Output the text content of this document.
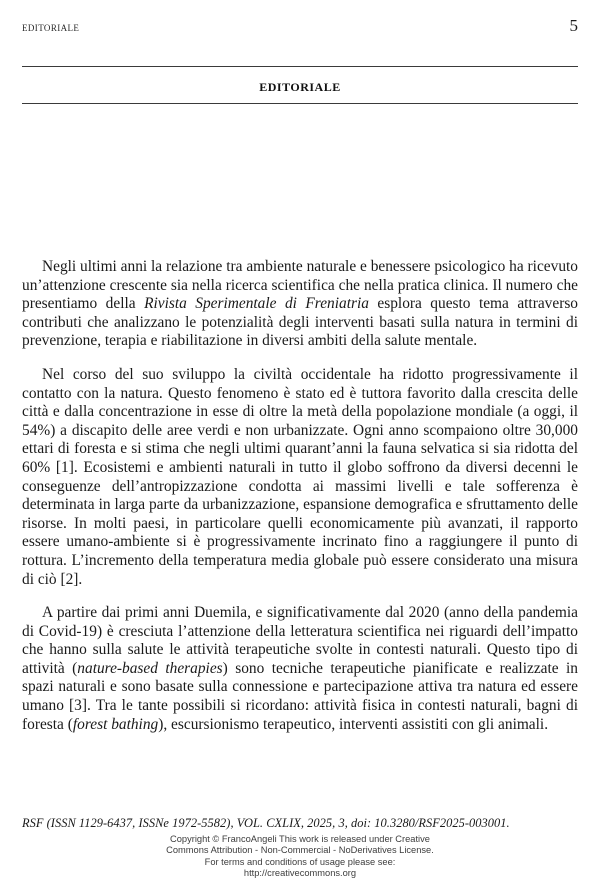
editoriale	5
editoriale

Negli ultimi anni la relazione tra ambiente naturale e benessere psicologico ha ricevuto un’attenzione crescente sia nella ricerca scientifica che nella pratica clinica. Il numero che presentiamo della Rivista Sperimentale di Freniatria esplora questo tema attraverso contributi che analizzano le potenzialità degli interventi basati sulla natura in termini di prevenzione, terapia e riabilitazione in diversi ambiti della salute mentale.

Nel corso del suo sviluppo la civiltà occidentale ha ridotto progressivamente il contatto con la natura. Questo fenomeno è stato ed è tuttora favorito dalla crescita delle città e dalla concentrazione in esse di oltre la metà della popolazione mondiale (a oggi, il 54%) a discapito delle aree verdi e non urbanizzate. Ogni anno scompaiono oltre 30,000 ettari di foresta e si stima che negli ultimi quarant’anni la fauna selvatica si sia ridotta del 60% [1]. Ecosistemi e ambienti naturali in tutto il globo soffrono da diversi decenni le conseguenze dell’antropizzazione condotta ai massimi livelli e tale sofferenza è determinata in larga parte da urbanizzazione, espansione demografica e sfruttamento delle risorse. In molti paesi, in particolare quelli economicamente più avanzati, il rapporto essere umano-ambiente si è progressivamente incrinato fino a raggiungere il punto di rottura. L’incremento della temperatura media globale può essere considerato una misura di ciò [2].

A partire dai primi anni Duemila, e significativamente dal 2020 (anno della pandemia di Covid-19) è cresciuta l’attenzione della letteratura scientifica nei riguardi dell’impatto che hanno sulla salute le attività terapeutiche svolte in contesti naturali. Questo tipo di attività (nature-based therapies) sono tecniche terapeutiche pianificate e realizzate in spazi naturali e sono basate sulla connessione e partecipazione attiva tra natura ed essere umano [3]. Tra le tante possibili si ricordano: attività fisica in contesti naturali, bagni di foresta (forest bathing), escursionismo terapeutico, interventi assistiti con gli animali.

RSF (ISSN 1129-6437, ISSNe 1972-5582), VOL. CXLIX, 2025, 3, doi: 10.3280/RSF2025-003001.
Copyright © FrancoAngeli This work is released under Creative
Commons Attribution - Non-Commercial - NoDerivatives License.
For terms and conditions of usage please see:
http://creativecommons.org
